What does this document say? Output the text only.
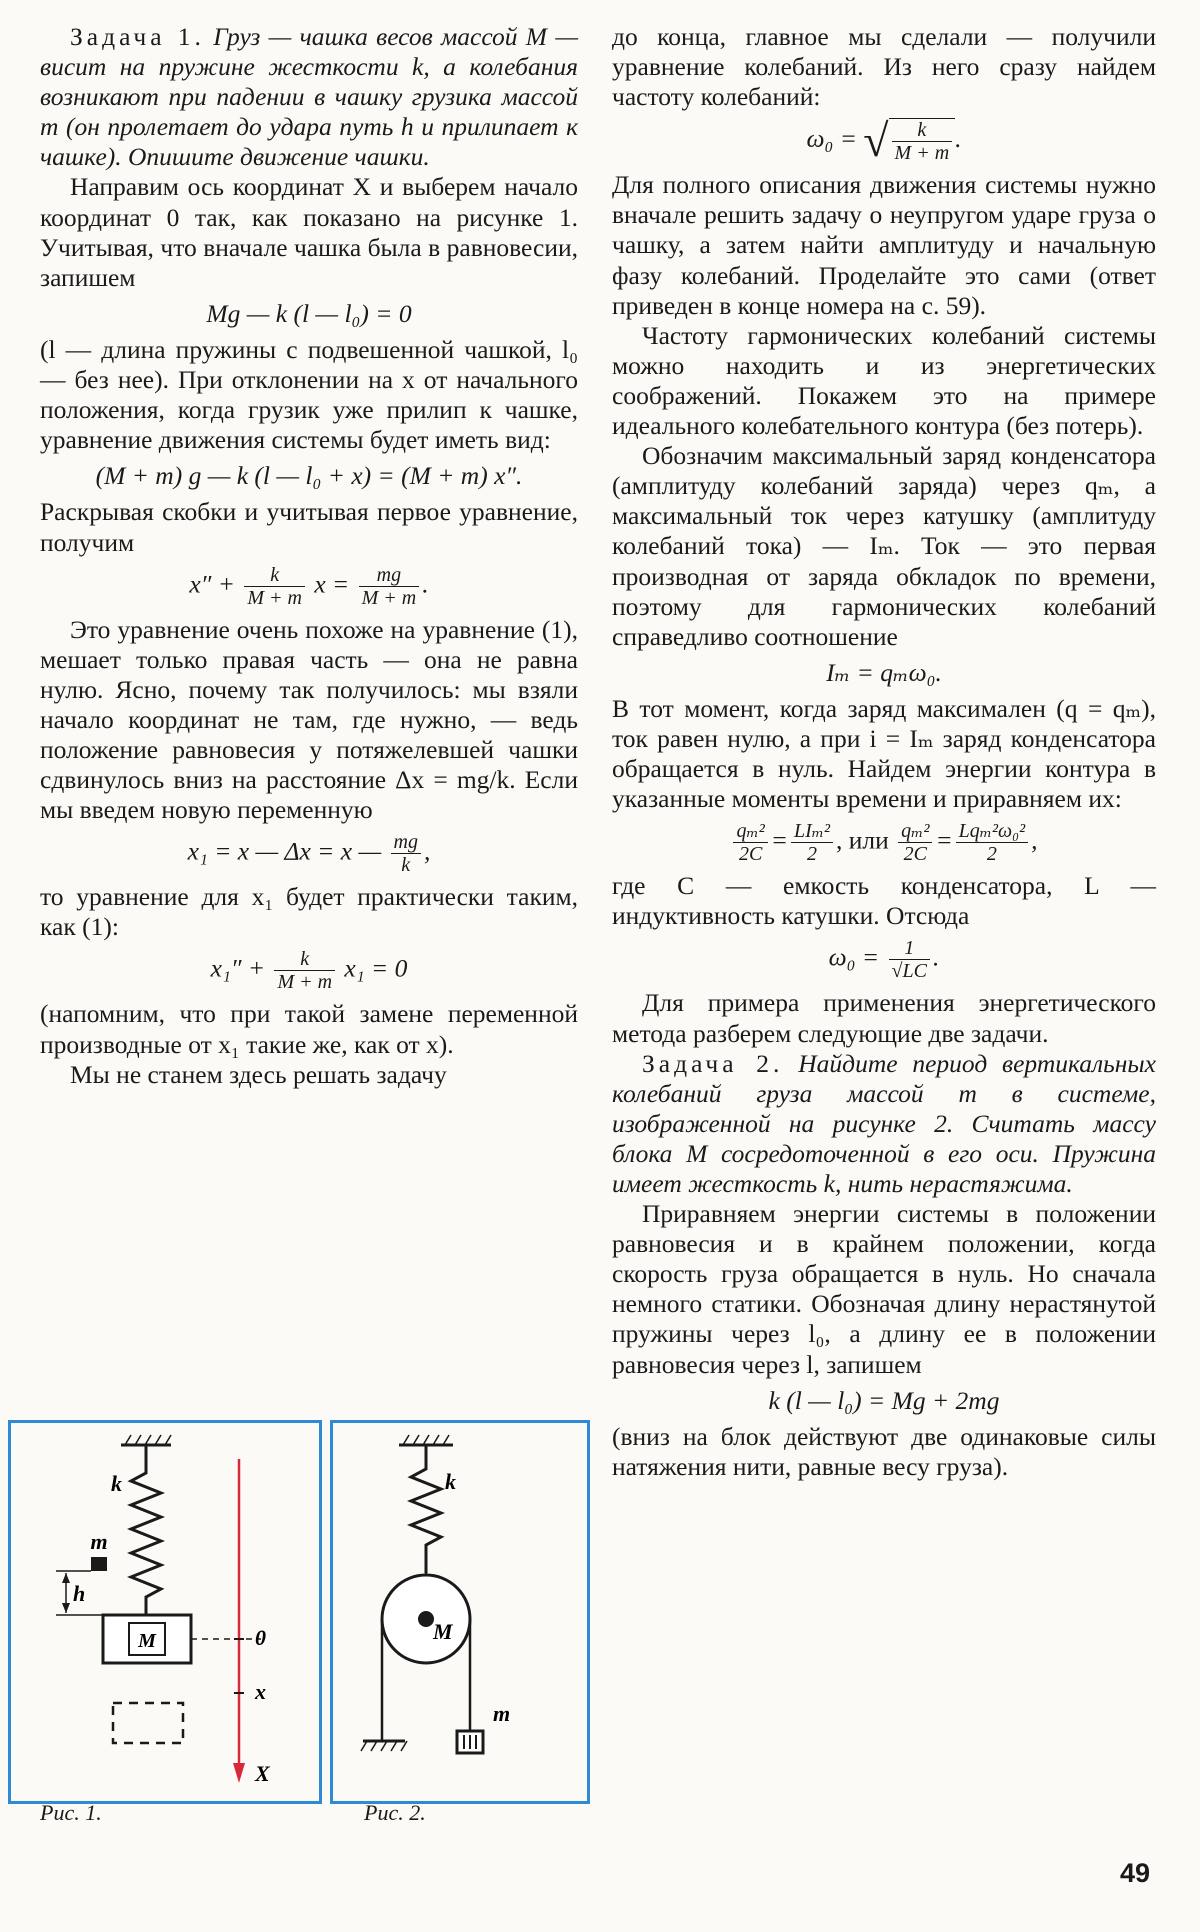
Задача 1. Груз — чашка весов массой M — висит на пружине жесткости k, а колебания возникают при падении в чашку грузика массой m (он пролетает до удара путь h и прилипает к чашке). Опишите движение чашки.

Направим ось координат X и выберем начало координат 0 так, как показано на рисунке 1. Учитывая, что вначале чашка была в равновесии, запишем

Mg — k (l — l₀) = 0

(l — длина пружины с подвешенной чашкой, l₀ — без нее). При отклонении на x от начального положения, когда грузик уже прилип к чашке, уравнение движения системы будет иметь вид:

(M + m) g — k (l — l₀ + x) = (M + m) x″.

Раскрывая скобки и учитывая первое уравнение, получим

$x'' + \frac{k}{M + m}$ $x = \frac{mg}{M + m}$ .

Это уравнение очень похоже на уравнение (1), мешает только правая часть — она не равна нулю. Ясно, почему так получилось: мы взяли начало координат не там, где нужно, — ведь положение равновесия у потяжелевшей чашки сдвинулось вниз на расстояние Δx = mg/k. Если мы введем новую переменную

x₁ = x — Δx = x — $\frac{mg}{k}$ ,

то уравнение для x₁ будет практически таким, как (1):

$x_1'' + \frac{k}{M + m} x_1 = 0$

(напомним, что при такой замене переменной производные от x₁ такие же, как от x).

Мы не станем здесь решать задачу

до конца, главное мы сделали — получили уравнение колебаний. Из него сразу найдем частоту колебаний:

ω₀ = √ $\frac{k}{M + m}$ .

Для полного описания движения системы нужно вначале решить задачу о неупругом ударе груза о чашку, а затем найти амплитуду и начальную фазу колебаний. Проделайте это сами (ответ приведен в конце номера на с. 59).

Частоту гармонических колебаний системы можно находить и из энергетических соображений. Покажем это на примере идеального колебательного контура (без потерь).

Обозначим максимальный заряд конденсатора (амплитуду колебаний заряда) через qₘ, а максимальный ток через катушку (амплитуду колебаний тока) — Iₘ. Ток — это первая производная от заряда обкладок по времени, поэтому для гармонических колебаний справедливо соотношение

Iₘ = qₘω₀.

В тот момент, когда заряд максимален (q = qₘ), ток равен нулю, а при i = Iₘ заряд конденсатора обращается в нуль. Найдем энергии контура в указанные моменты времени и приравняем их:

$\frac{\text{qₘ²}}{2C} = \frac{\text{LIₘ²}}{2}$ , или $\frac{\text{qₘ²}}{2C} = \frac{\text{Lqₘ²ω₀²}}{2}$ ,

где C — емкость конденсатора, L — индуктивность катушки. Отсюда

$\omega_0 = \frac{1}{√LC}$ .

Для примера применения энергетического метода разберем следующие две задачи.

Задача 2. Найдите период вертикальных колебаний груза массой m в системе, изображенной на рисунке 2. Считать массу блока M сосредоточенной в его оси. Пружина имеет жесткость k, нить нерастяжима.

Приравняем энергии системы в положении равновесия и в крайнем положении, когда скорость груза обращается в нуль. Но сначала немного статики. Обозначая длину нерастянутой пружины через l₀, а длину ее в положении равновесия через l, запишем

k (l — l₀) = Mg + 2mg

(вниз на блок действуют две одинаковые силы натяжения нити, равные весу груза).

M
m
k
h
0
x
X
k
M
m
Рис. 1.	Рис. 2.
49
